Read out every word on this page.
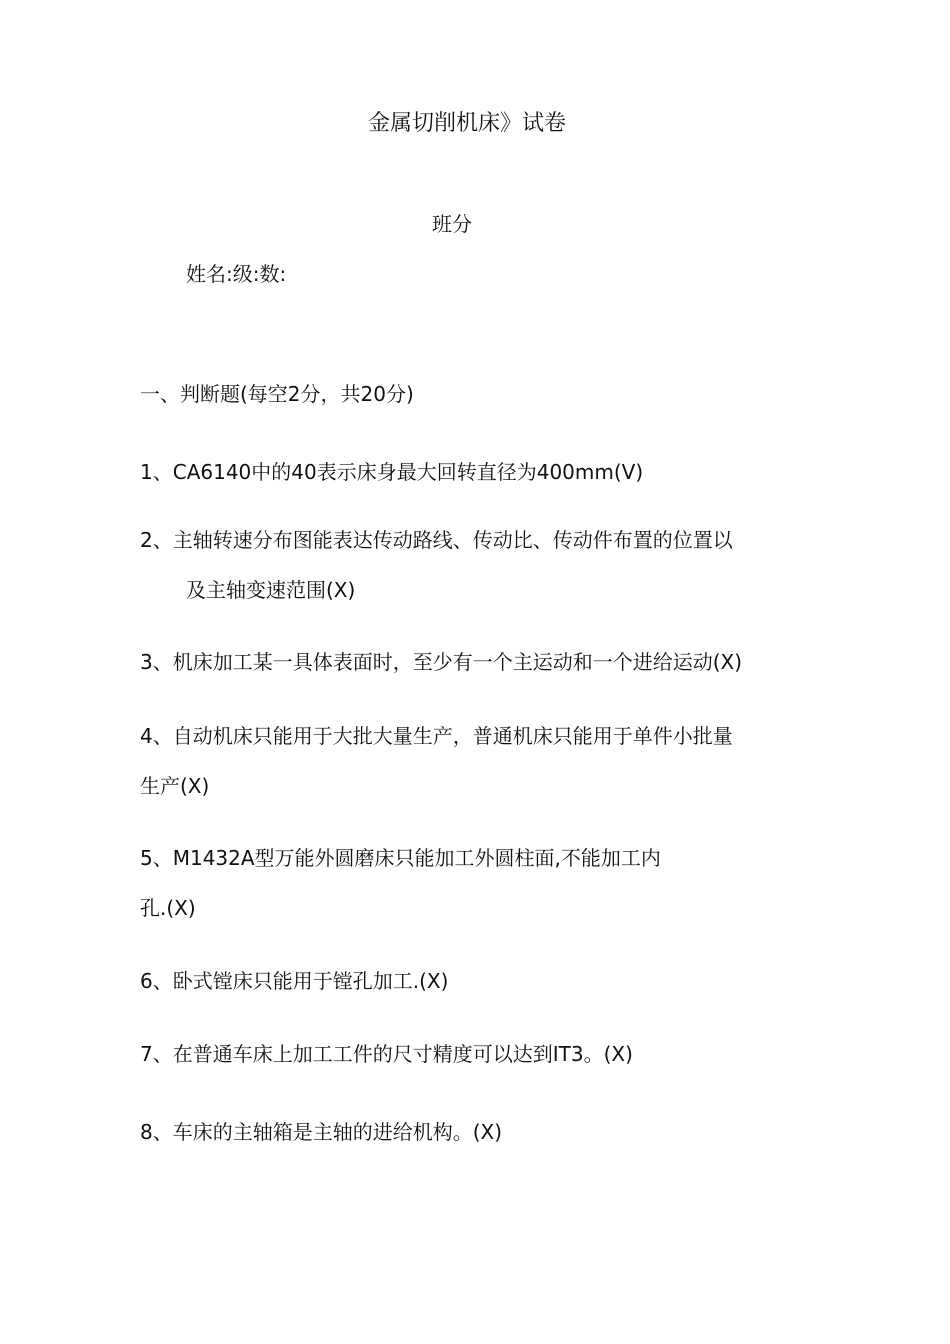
金属切削机床》试卷
班分
姓名:级:数:
一、判断题(每空2分，共20分)
1、CA6140中的40表示床身最大回转直径为400mm(V)
2、主轴转速分布图能表达传动路线、传动比、传动件布置的位置以
及主轴变速范围(X)
3、机床加工某一具体表面时，至少有一个主运动和一个进给运动(X)
4、自动机床只能用于大批大量生产，普通机床只能用于单件小批量
生产(X)
5、M1432A型万能外圆磨床只能加工外圆柱面,不能加工内
孔.(X)
6、卧式镗床只能用于镗孔加工.(X)
7、在普通车床上加工工件的尺寸精度可以达到IT3。(X)
8、车床的主轴箱是主轴的进给机构。(X)
